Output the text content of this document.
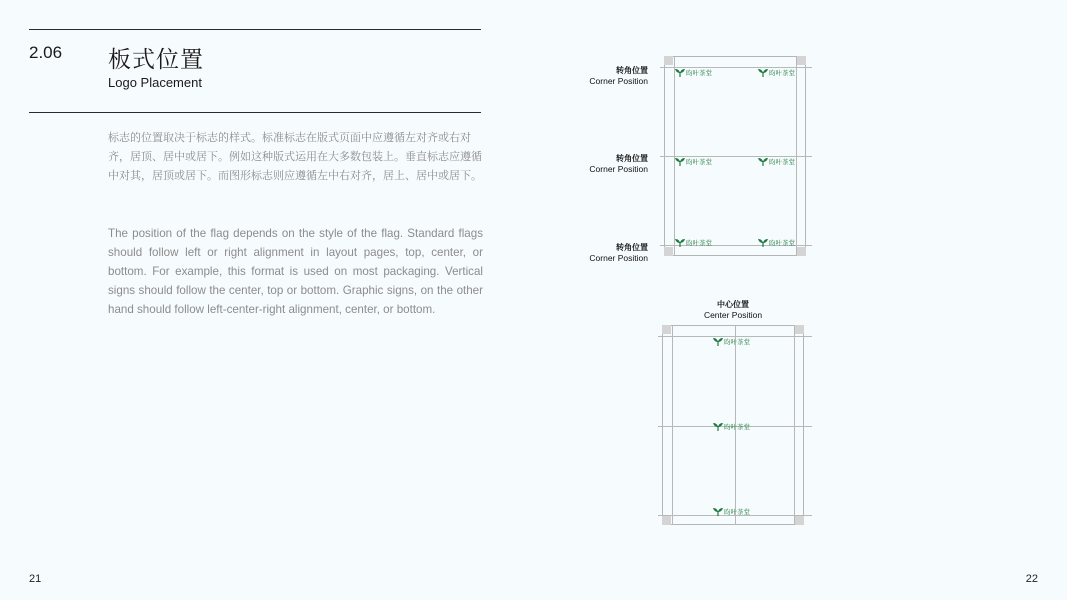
2.06 板式位置
Logo Placement
标志的位置取决于标志的样式。标准标志在版式页面中应遵循左对齐或右对齐，居顶、居中或居下。例如这种版式运用在大多数包装上。垂直标志应遵循中对其，居顶或居下。而图形标志则应遵循左中右对齐，居上、居中或居下。
The position of the flag depends on the style of the flag. Standard flags should follow left or right alignment in layout pages, top, center, or bottom. For example, this format is used on most packaging. Vertical signs should follow the center, top or bottom. Graphic signs, on the other hand should follow left-center-right alignment, center, or bottom.
昀叶茶堂	昀叶茶堂
昀叶茶堂	昀叶茶堂
昀叶茶堂	昀叶茶堂
转角位置
Corner Position
转角位置
Corner Position
转角位置
Corner Position
中心位置
Center Position
昀叶茶堂
昀叶茶堂
昀叶茶堂
21	22
